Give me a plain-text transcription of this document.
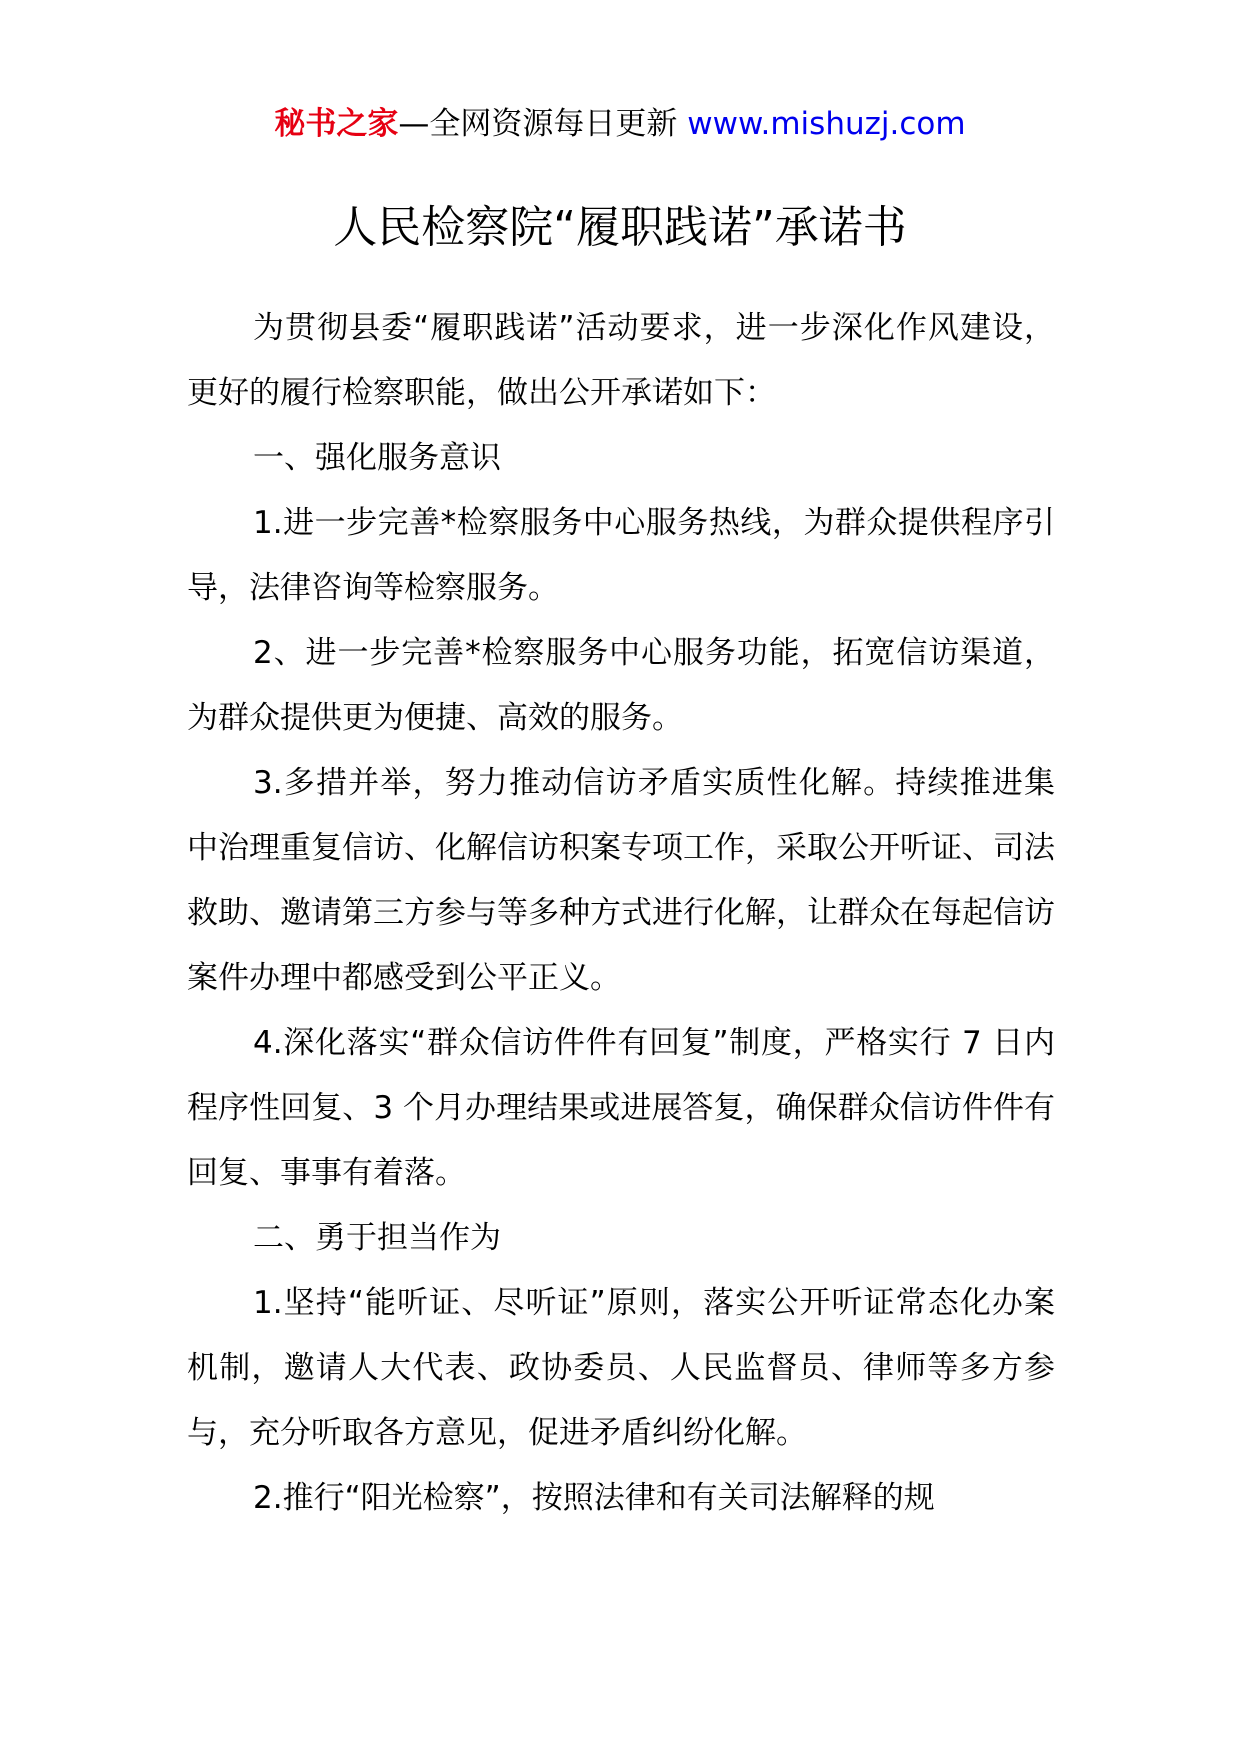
秘书之家—全网资源每日更新 www.mishuzj.com
人民检察院“履职践诺”承诺书

为贯彻县委“履职践诺”活动要求，进一步深化作风建设，更好的履行检察职能，做出公开承诺如下：

一、强化服务意识

1.进一步完善*检察服务中心服务热线，为群众提供程序引导，法律咨询等检察服务。

2、进一步完善*检察服务中心服务功能，拓宽信访渠道，为群众提供更为便捷、高效的服务。

3.多措并举，努力推动信访矛盾实质性化解。持续推进集中治理重复信访、化解信访积案专项工作，采取公开听证、司法救助、邀请第三方参与等多种方式进行化解，让群众在每起信访案件办理中都感受到公平正义。

4.深化落实“群众信访件件有回复”制度，严格实行 7 日内程序性回复、3 个月办理结果或进展答复，确保群众信访件件有回复、事事有着落。

二、勇于担当作为

1.坚持“能听证、尽听证”原则，落实公开听证常态化办案机制，邀请人大代表、政协委员、人民监督员、律师等多方参与，充分听取各方意见，促进矛盾纠纷化解。

2.推行“阳光检察”，按照法律和有关司法解释的规
